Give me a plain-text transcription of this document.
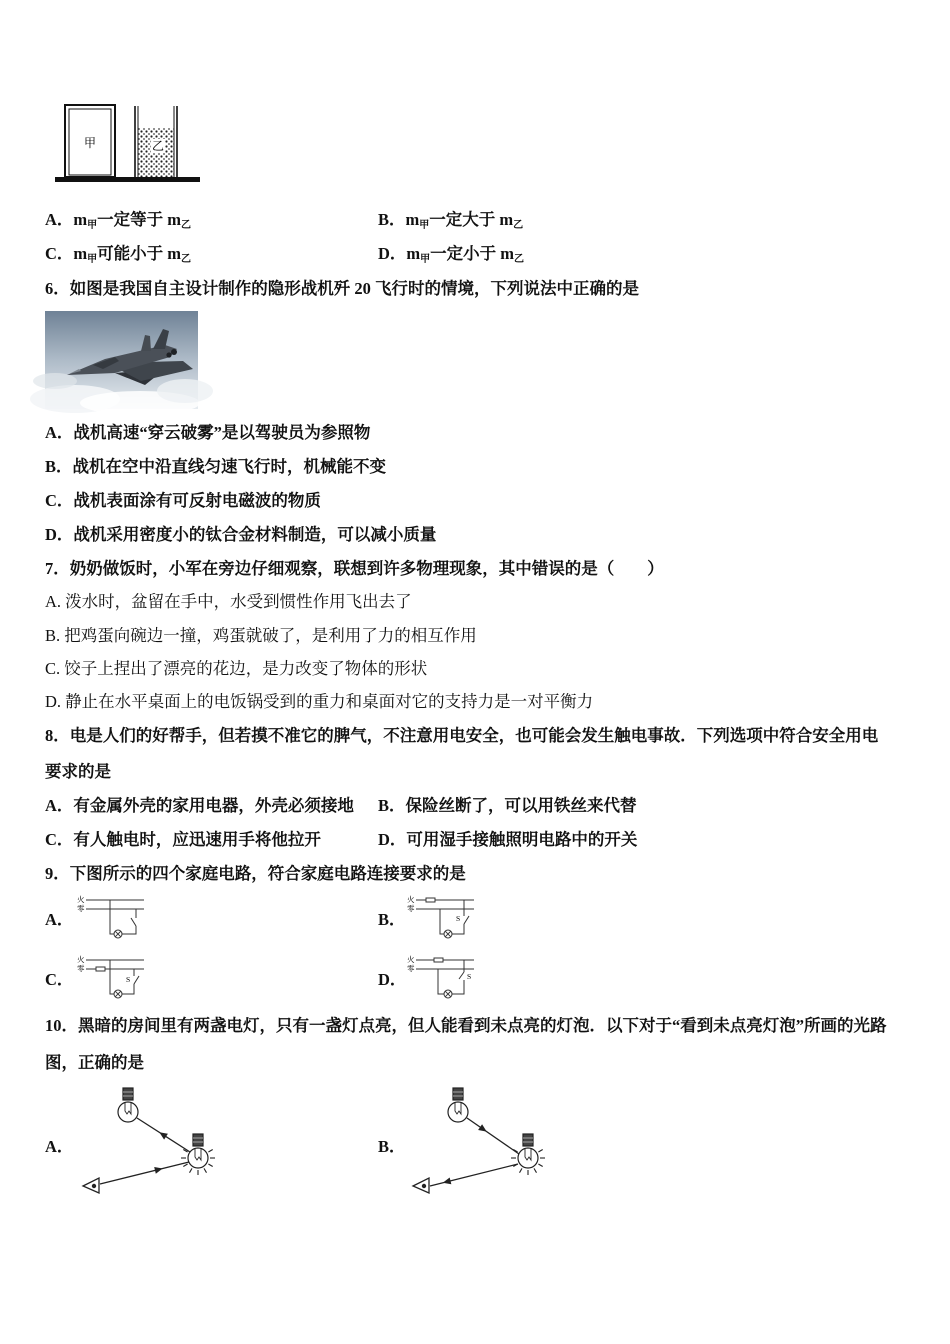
甲	乙
A．$m_甲$一定等于 $m_乙$	B．$m_甲$一定大于 $m_乙$
C．$m_甲$可能小于 $m_乙$	D．$m_甲$一定小于 $m_乙$
6．如图是我国自主设计制作的隐形战机歼 20 飞行时的情境，下列说法中正确的是
A．战机高速“穿云破雾”是以驾驶员为参照物
B．战机在空中沿直线匀速飞行时，机械能不变
C．战机表面涂有可反射电磁波的物质
D．战机采用密度小的钛合金材料制造，可以减小质量
7．奶奶做饭时，小军在旁边仔细观察，联想到许多物理现象，其中错误的是（　　）
A. 泼水时，盆留在手中，水受到惯性作用飞出去了
B. 把鸡蛋向碗边一撞，鸡蛋就破了，是利用了力的相互作用
C. 饺子上捏出了漂亮的花边，是力改变了物体的形状
D. 静止在水平桌面上的电饭锅受到的重力和桌面对它的支持力是一对平衡力
8．电是人们的好帮手，但若摸不准它的脾气，不注意用电安全，也可能会发生触电事故．下列选项中符合安全用电
要求的是
A．有金属外壳的家用电器，外壳必须接地 B．保险丝断了，可以用铁丝来代替
C．有人触电时，应迅速用手将他拉开	D．可用湿手接触照明电路中的开关
9．下图所示的四个家庭电路，符合家庭电路连接要求的是
A．
火
零
B．
火
零
S
C．
火
零
S	D．
火
零
S
10．黑暗的房间里有两盏电灯，只有一盏灯点亮，但人能看到未点亮的灯泡．以下对于“看到未点亮灯泡”所画的光路
图，正确的是
A．	B．
